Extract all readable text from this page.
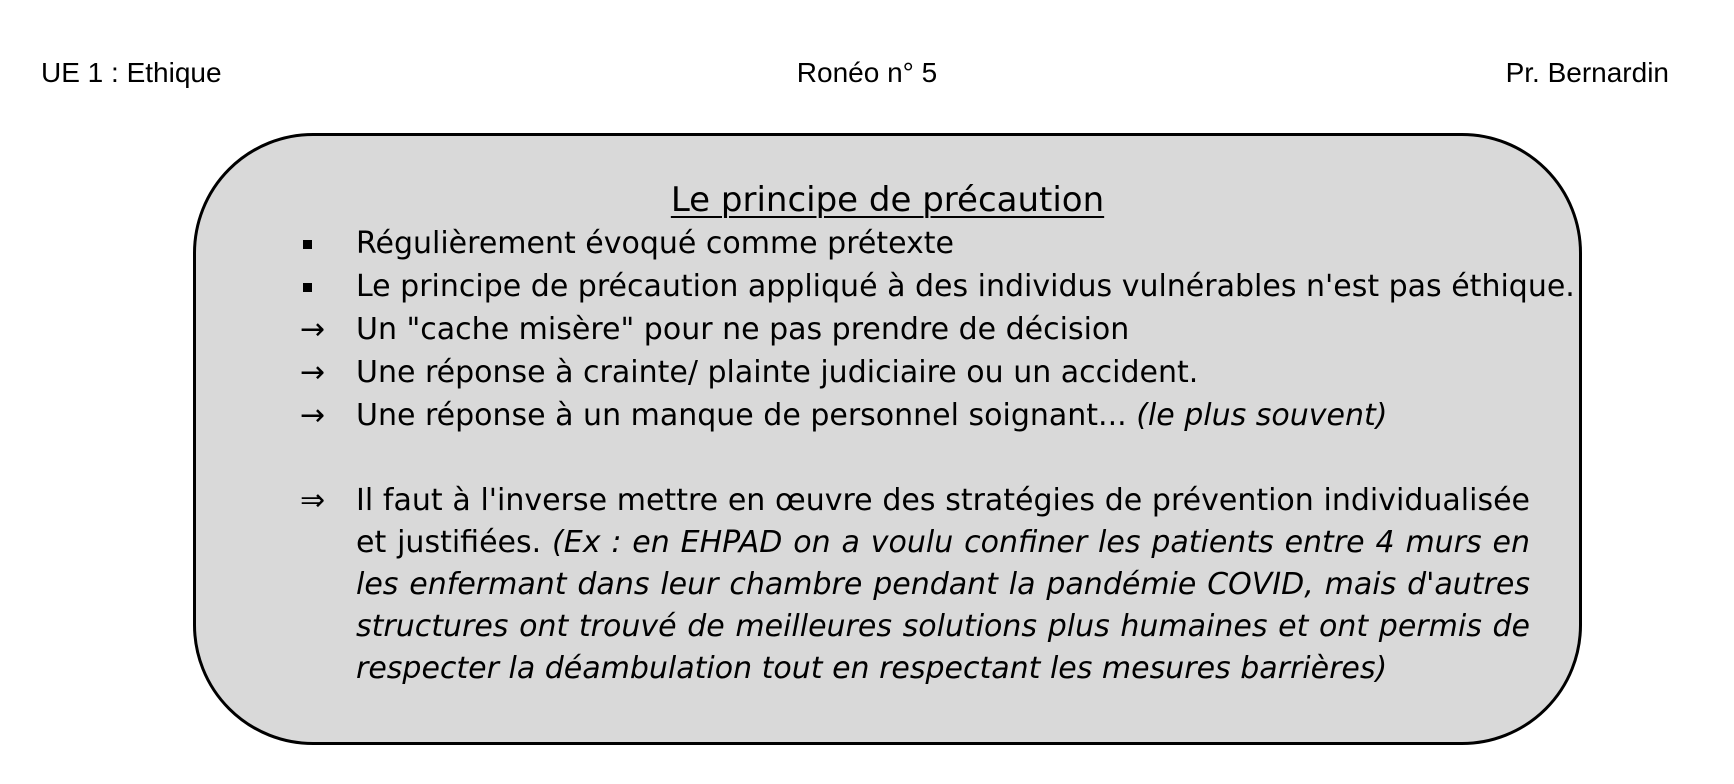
UE 1 : Ethique	Ronéo n° 5	Pr. Bernardin
Le principe de précaution
Régulièrement évoqué comme prétexte
Le principe de précaution appliqué à des individus vulnérables n'est pas éthique.
→ Un "cache misère" pour ne pas prendre de décision
→ Une réponse à crainte/ plainte judiciaire ou un accident.
→ Une réponse à un manque de personnel soignant... (le plus souvent)
⇒ Il faut à l'inverse mettre en œuvre des stratégies de prévention individualisée et justifiées. (Ex : en EHPAD on a voulu confiner les patients entre 4 murs en les enfermant dans leur chambre pendant la pandémie COVID, mais d'autres structures ont trouvé de meilleures solutions plus humaines et ont permis de respecter la déambulation tout en respectant les mesures barrières)
